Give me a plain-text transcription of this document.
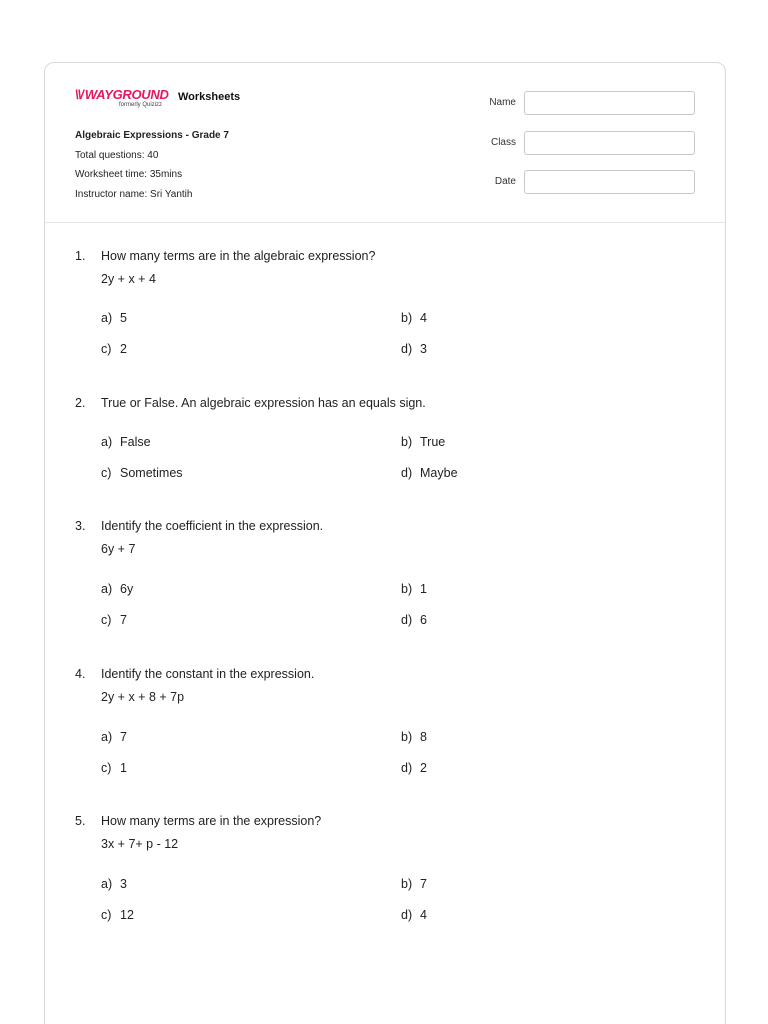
\\/ WAYGROUND
formerly Quizizz
Worksheets
Algebraic Expressions - Grade 7
Total questions: 40
Worksheet time: 35mins
Instructor name: Sri Yantih
Name
Class
Date
1.	How many terms are in the algebraic expression?
2y + x + 4
a) 5	b) 4
c) 2	d) 3
2.	True or False. An algebraic expression has an equals sign.
a) False	b) True
c) Sometimes	d) Maybe
3.	Identify the coefficient in the expression.
6y + 7
a) 6y	b) 1
c) 7	d) 6
4.	Identify the constant in the expression.
2y + x + 8 + 7p
a) 7	b) 8
c) 1	d) 2
5.	How many terms are in the expression?
3x + 7+ p - 12
a) 3	b) 7
c) 12	d) 4
